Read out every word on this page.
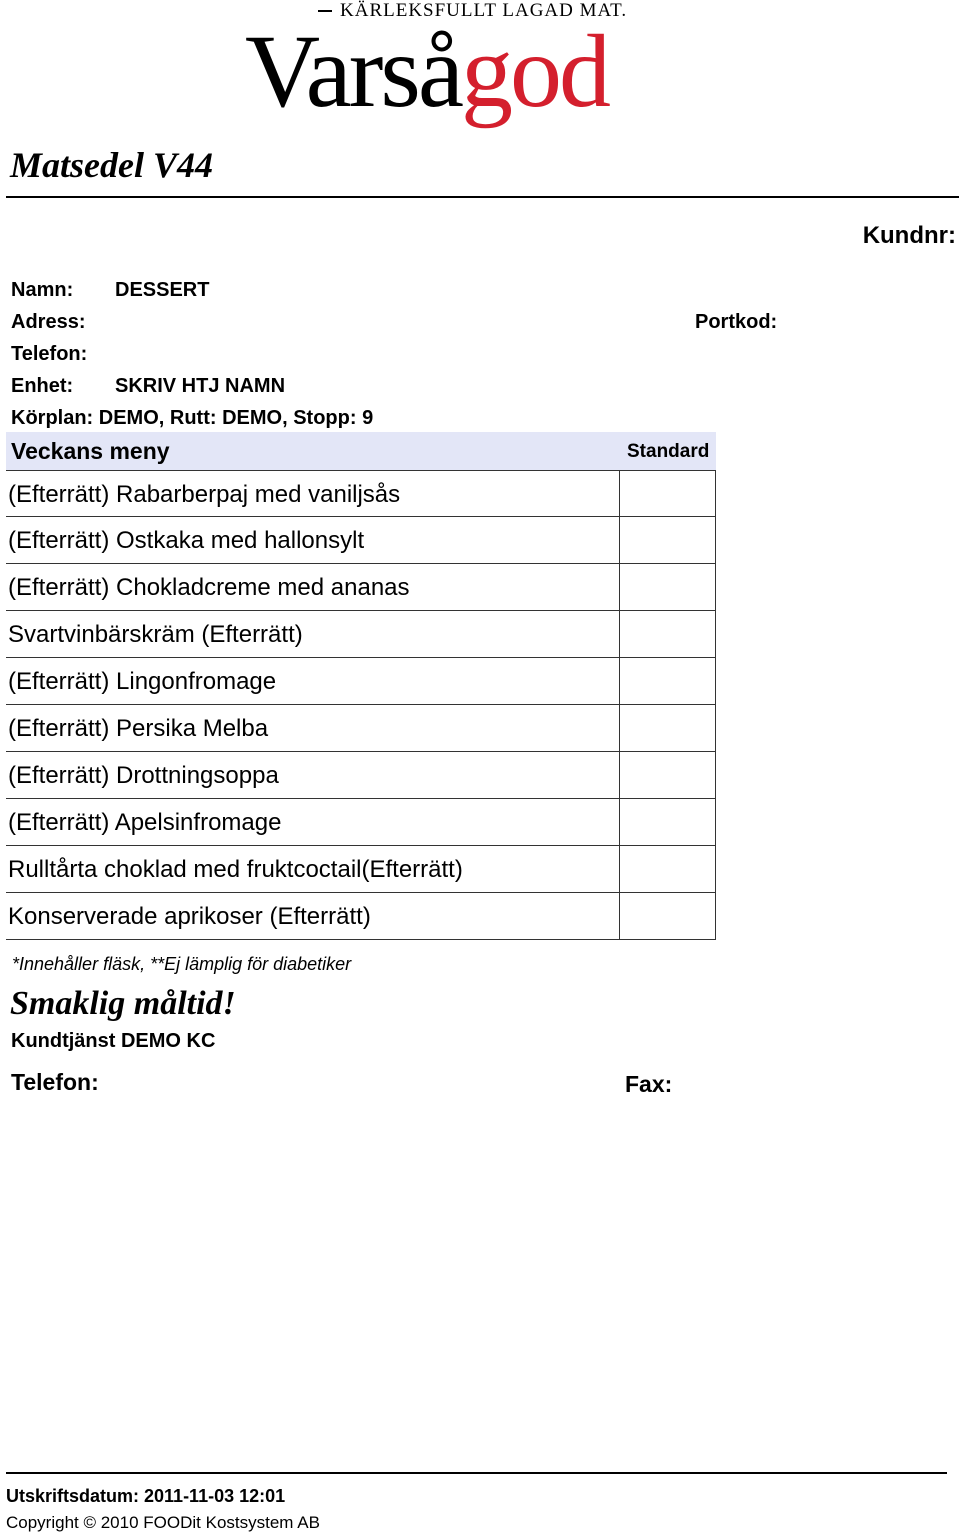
KÄRLEKSFULLT LAGAD MAT.
Varsågod
Matsedel V44
Kundnr:
Namn: DESSERT
Adress:	Portkod:
Telefon:
Enhet: SKRIV HTJ NAMN
Körplan: DEMO, Rutt: DEMO, Stopp: 9
Veckans meny	Standard
(Efterrätt) Rabarberpaj med vaniljsås
(Efterrätt) Ostkaka med hallonsylt
(Efterrätt) Chokladcreme med ananas
Svartvinbärskräm (Efterrätt)
(Efterrätt) Lingonfromage
(Efterrätt) Persika Melba
(Efterrätt) Drottningsoppa
(Efterrätt) Apelsinfromage
Rulltårta choklad med fruktcoctail(Efterrätt)
Konserverade aprikoser (Efterrätt)
*Innehåller fläsk, **Ej lämplig för diabetiker
Smaklig måltid!
Kundtjänst DEMO KC
Telefon:	Fax:
Utskriftsdatum: 2011-11-03 12:01
Copyright © 2010 FOODit Kostsystem AB
